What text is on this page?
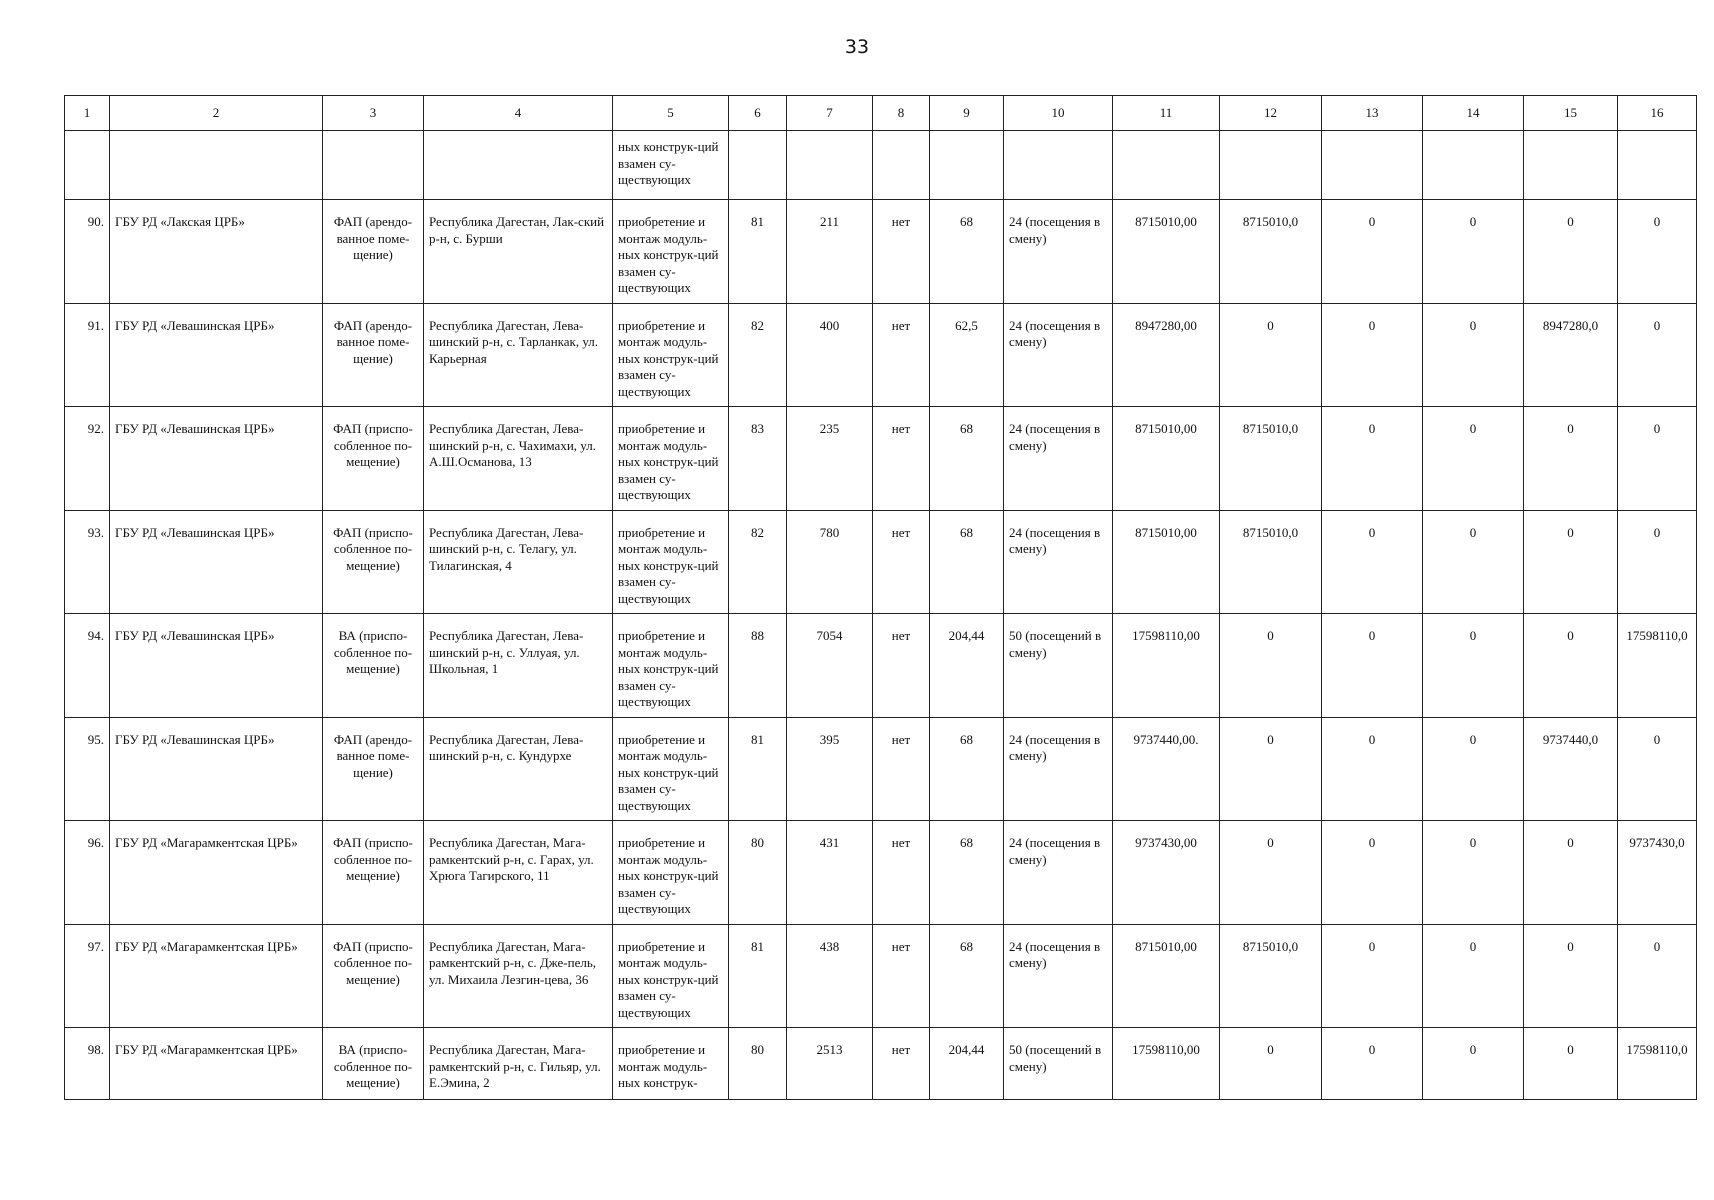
33
1	2	3	4	5	6	7	8	9	10	11	12	13	14	15	16
				ных конструк-ций взамен су-ществующих											
90.	ГБУ РД «Лакская ЦРБ»	ФАП (арендо-ванное поме-щение)	Республика Дагестан, Лак-ский р-н, с. Бурши	приобретение и монтаж модуль-ных конструк-ций взамен су-ществующих	81	211	нет	68	24 (посещения в смену)	8715010,00	8715010,0	0	0	0	0
91.	ГБУ РД «Левашинская ЦРБ»	ФАП (арендо-ванное поме-щение)	Республика Дагестан, Лева-шинский р-н, с. Тарланкак, ул. Карьерная	приобретение и монтаж модуль-ных конструк-ций взамен су-ществующих	82	400	нет	62,5	24 (посещения в смену)	8947280,00	0	0	0	8947280,0	0
92.	ГБУ РД «Левашинская ЦРБ»	ФАП (приспо-собленное по-мещение)	Республика Дагестан, Лева-шинский р-н, с. Чахимахи, ул. А.Ш.Османова, 13	приобретение и монтаж модуль-ных конструк-ций взамен су-ществующих	83	235	нет	68	24 (посещения в смену)	8715010,00	8715010,0	0	0	0	0
93.	ГБУ РД «Левашинская ЦРБ»	ФАП (приспо-собленное по-мещение)	Республика Дагестан, Лева-шинский р-н, с. Телагу, ул. Тилагинская, 4	приобретение и монтаж модуль-ных конструк-ций взамен су-ществующих	82	780	нет	68	24 (посещения в смену)	8715010,00	8715010,0	0	0	0	0
94.	ГБУ РД «Левашинская ЦРБ»	ВА (приспо-собленное по-мещение)	Республика Дагестан, Лева-шинский р-н, с. Уллуая, ул. Школьная, 1	приобретение и монтаж модуль-ных конструк-ций взамен су-ществующих	88	7054	нет	204,44	50 (посещений в смену)	17598110,00	0	0	0	0	17598110,0
95.	ГБУ РД «Левашинская ЦРБ»	ФАП (арендо-ванное поме-щение)	Республика Дагестан, Лева-шинский р-н, с. Кундурхе	приобретение и монтаж модуль-ных конструк-ций взамен су-ществующих	81	395	нет	68	24 (посещения в смену)	9737440,00.	0	0	0	9737440,0	0
96.	ГБУ РД «Магарамкентская ЦРБ»	ФАП (приспо-собленное по-мещение)	Республика Дагестан, Мага-рамкентский р-н, с. Гарах, ул. Хрюга Тагирского, 11	приобретение и монтаж модуль-ных конструк-ций взамен су-ществующих	80	431	нет	68	24 (посещения в смену)	9737430,00	0	0	0	0	9737430,0
97.	ГБУ РД «Магарамкентская ЦРБ»	ФАП (приспо-собленное по-мещение)	Республика Дагестан, Мага-рамкентский р-н, с. Дже-пель, ул. Михаила Лезгин-цева, 36	приобретение и монтаж модуль-ных конструк-ций взамен су-ществующих	81	438	нет	68	24 (посещения в смену)	8715010,00	8715010,0	0	0	0	0
98.	ГБУ РД «Магарамкентская ЦРБ»	ВА (приспо-собленное по-мещение)	Республика Дагестан, Мага-рамкентский р-н, с. Гильяр, ул. Е.Эмина, 2	приобретение и монтаж модуль-ных конструк-	80	2513	нет	204,44	50 (посещений в смену)	17598110,00	0	0	0	0	17598110,0
